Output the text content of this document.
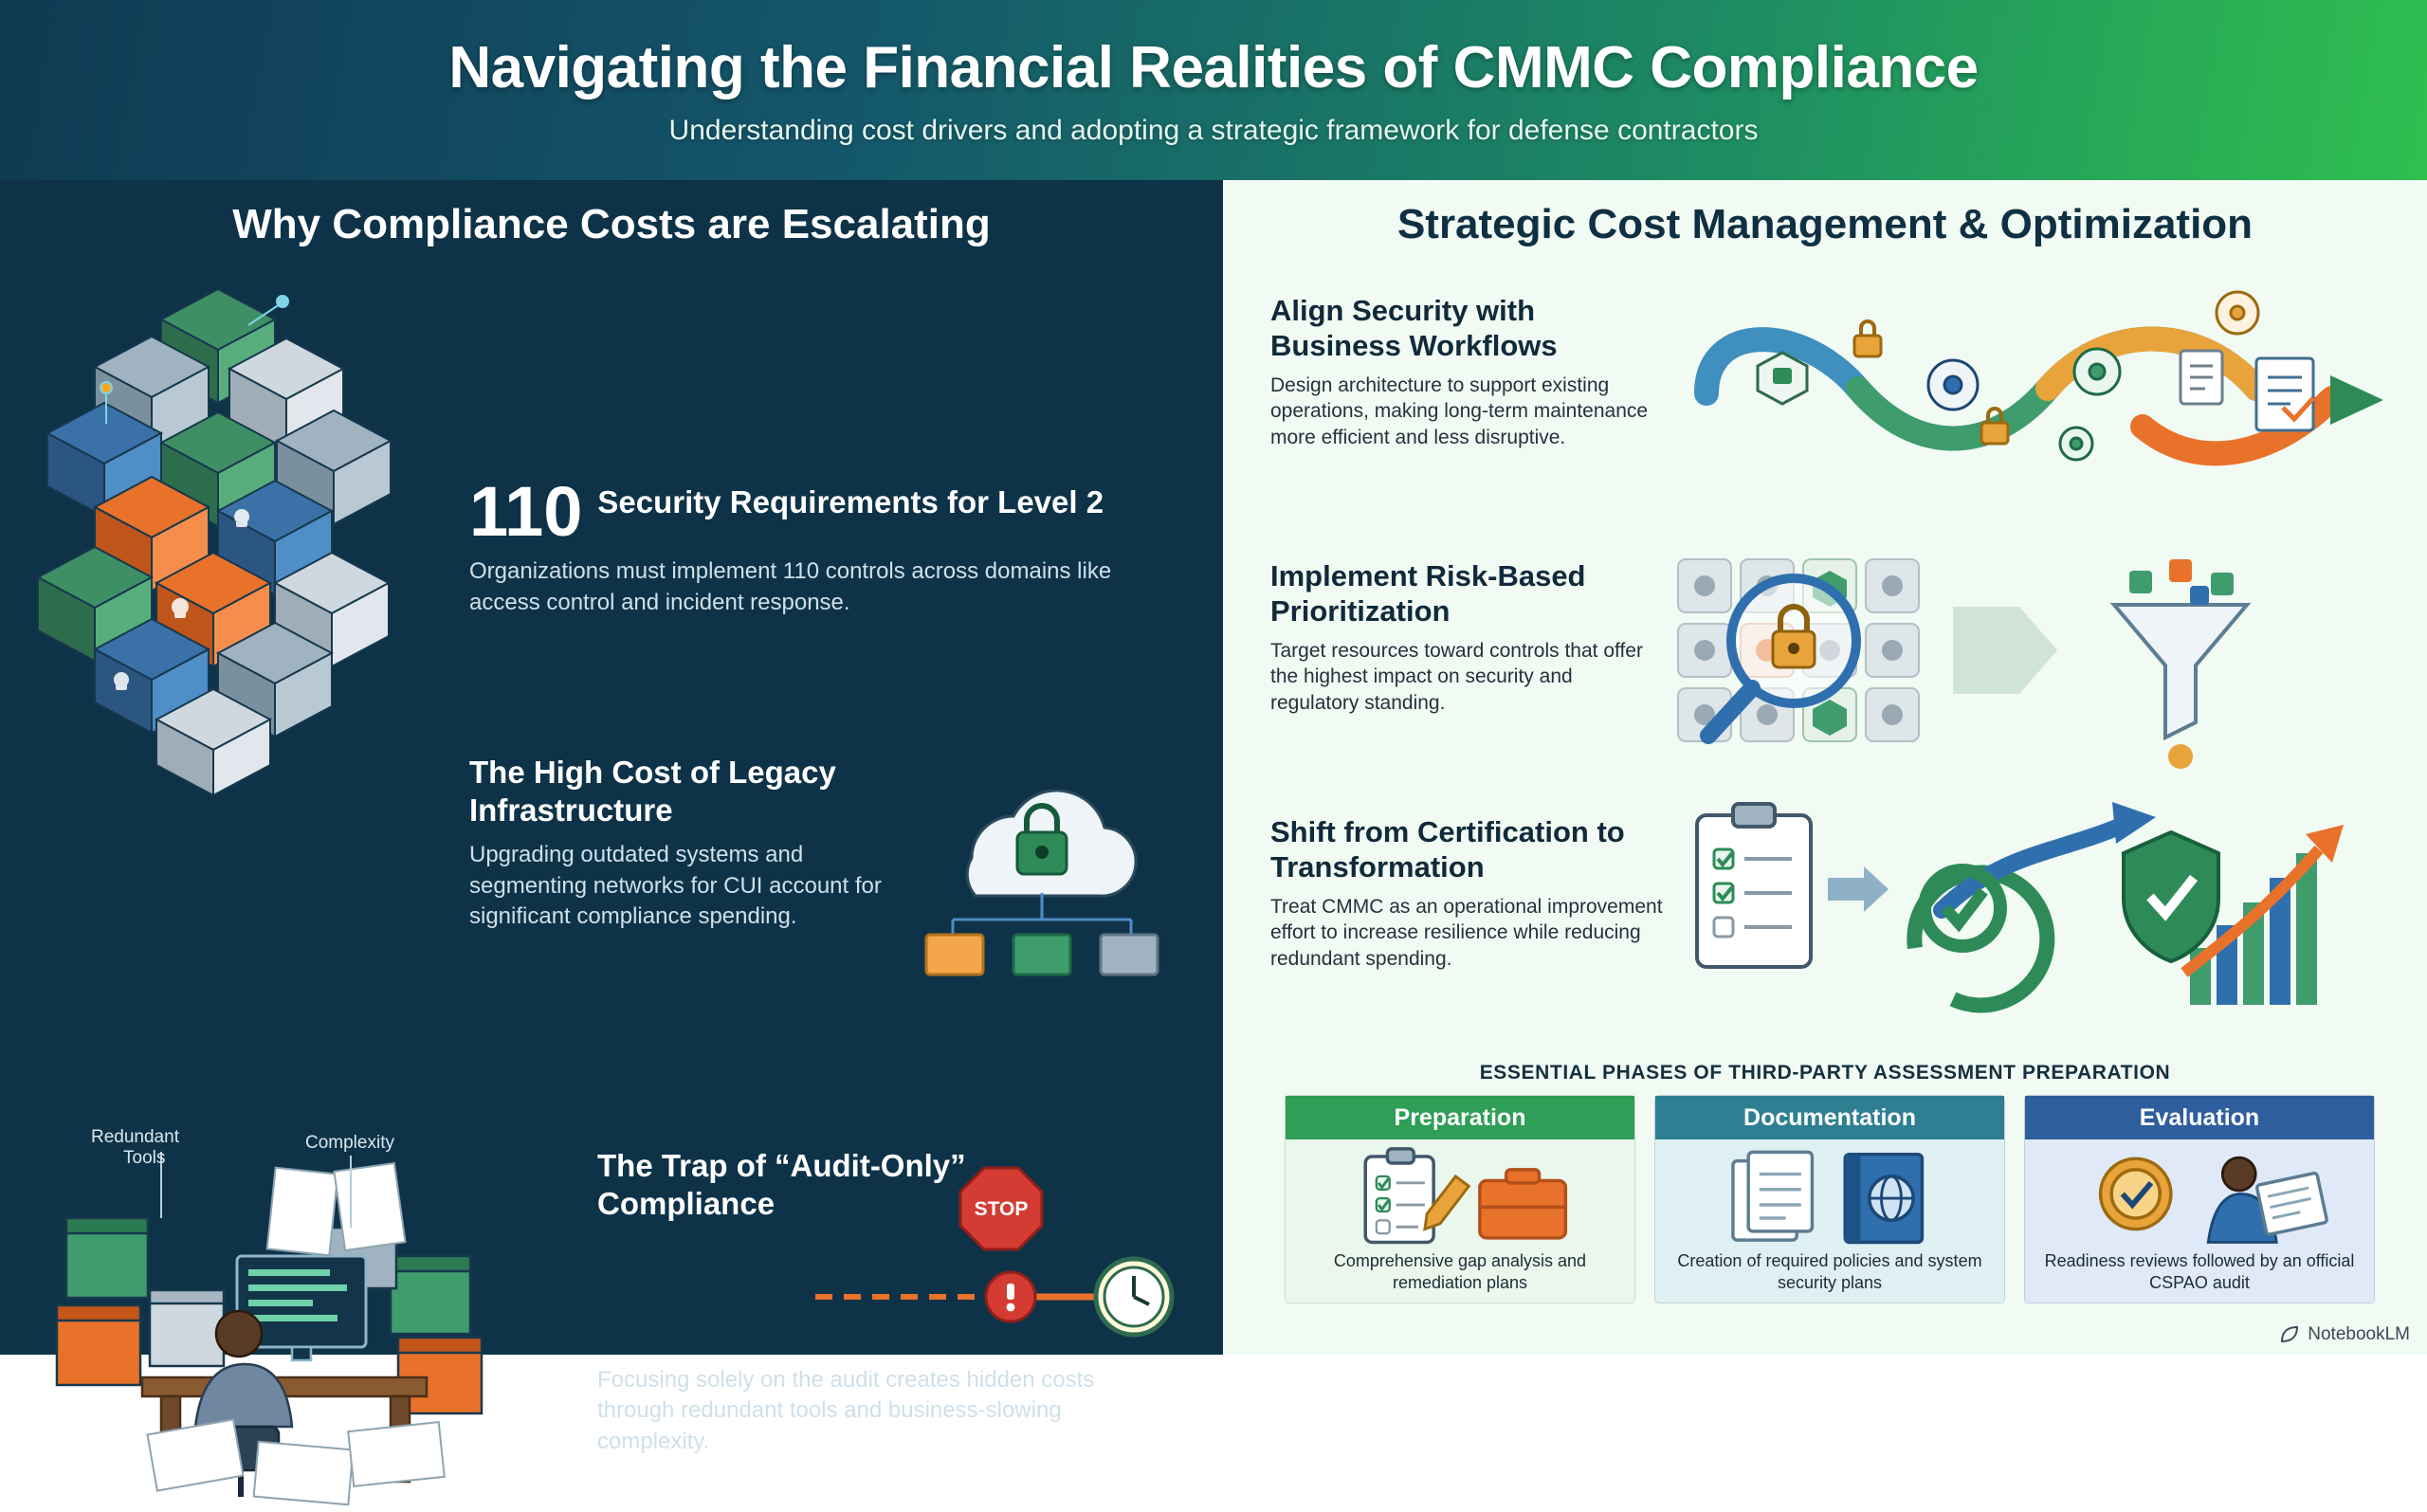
Navigating the Financial Realities of CMMC Compliance
Understanding cost drivers and adopting a strategic framework for defense contractors
Why Compliance Costs are Escalating
110 Security Requirements for Level 2

Organizations must implement 110 controls across domains like access control and incident response.

The High Cost of Legacy Infrastructure

Upgrading outdated systems and segmenting networks for CUI account for significant compliance spending.

Redundant
Tools
Complexity
The Trap of “Audit-Only” Compliance	STOP

Focusing solely on the audit creates hidden costs through redundant tools and business-slowing complexity.

Strategic Cost Management & Optimization
Align Security with Business Workflows

Design architecture to support existing operations, making long-term maintenance more efficient and less disruptive.

Implement Risk-Based Prioritization

Target resources toward controls that offer the highest impact on security and regulatory standing.

Shift from Certification to Transformation

Treat CMMC as an operational improvement effort to increase resilience while reducing redundant spending.

ESSENTIAL PHASES OF THIRD-PARTY ASSESSMENT PREPARATION
Preparation
Comprehensive gap analysis and remediation plans
Documentation
Creation of required policies and system security plans
Evaluation
Readiness reviews followed by an official CSPAO audit
NotebookLM
